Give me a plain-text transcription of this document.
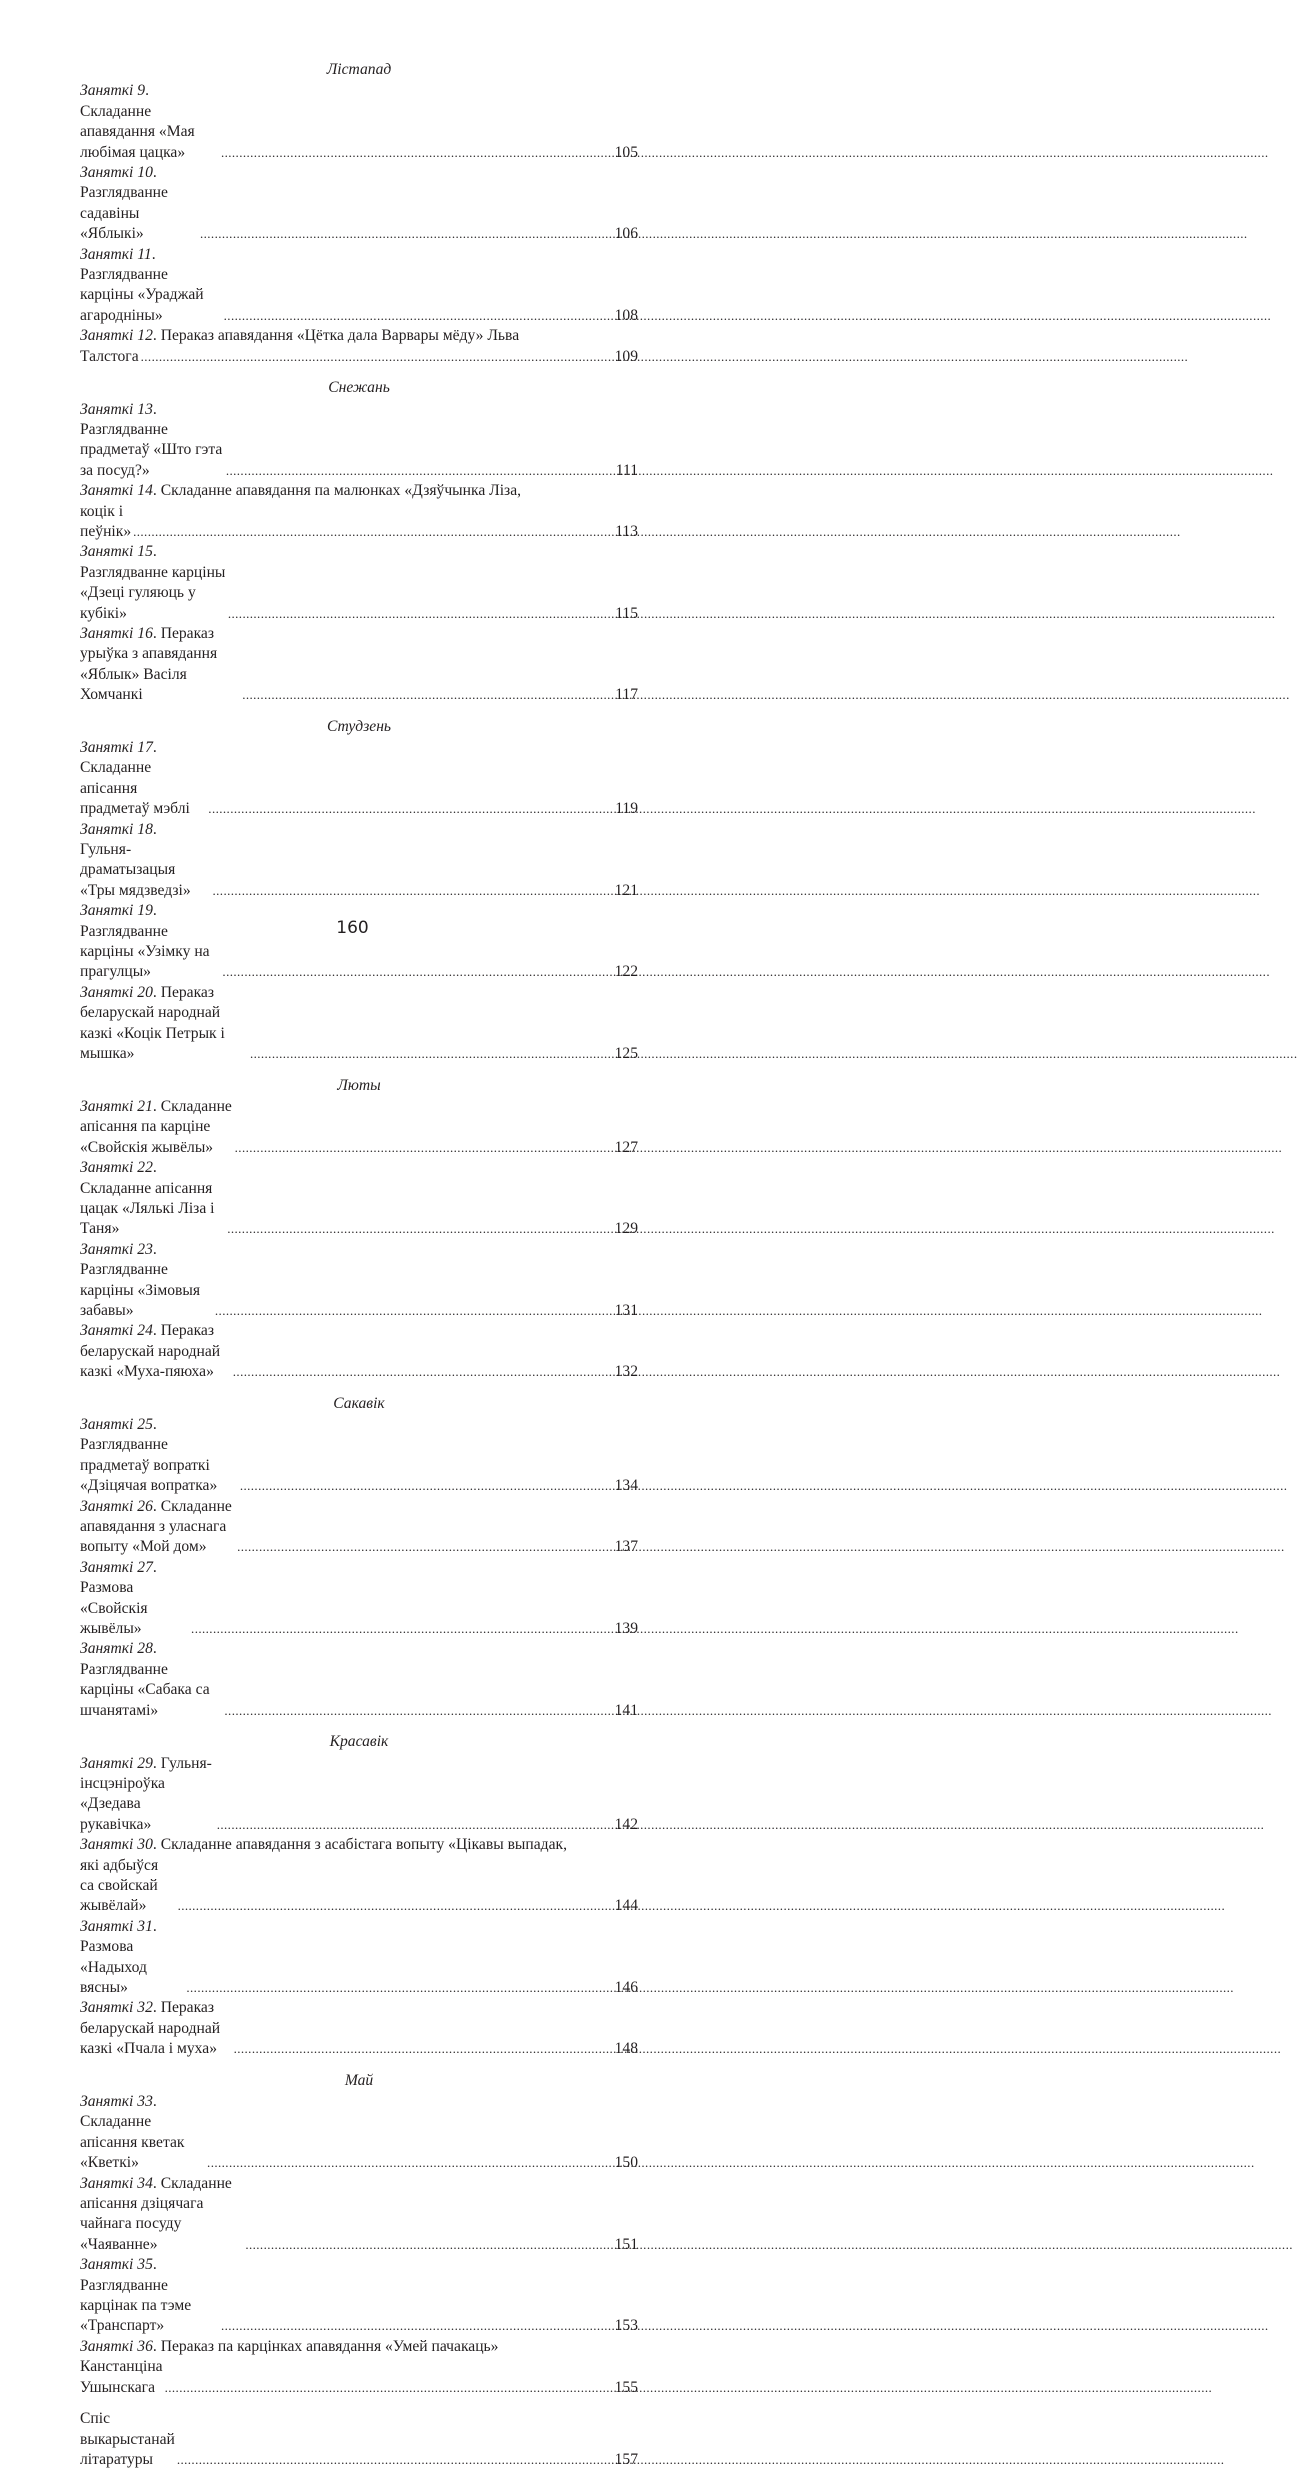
Лістапад
Заняткі 9. Складанне апавядання «Мая любімая цацка» .....	105
Заняткі 10. Разглядванне садавіны «Яблыкі» .....	106
Заняткі 11. Разглядванне карціны «Ураджай агародніны» .....	108
Заняткі 12. Пераказ апавядання «Цётка дала Варвары мёду» Льва
Талстога .....	109
Снежань
Заняткі 13. Разглядванне прадметаў «Што гэта за посуд?» .....	111
Заняткі 14. Складанне апавядання па малюнках «Дзяўчынка Ліза,
коцік і пеўнік» .....	113
Заняткі 15. Разглядванне карціны «Дзеці гуляюць у кубікі» .....	115
Заняткі 16. Пераказ урыўка з апавядання «Яблык» Васіля Хомчанкі .....	117
Студзень
Заняткі 17. Складанне апісання прадметаў мэблі .....	119
Заняткі 18. Гульня-драматызацыя «Тры мядзведзі» .....	121
Заняткі 19. Разглядванне карціны «Узімку на прагулцы» .....	122
Заняткі 20. Пераказ беларускай народнай казкі «Коцік Петрык і мышка» .....	125
Люты
Заняткі 21. Складанне апісання па карціне «Свойскія жывёлы» .....	127
Заняткі 22. Складанне апісання цацак «Лялькі Ліза і Таня» .....	129
Заняткі 23. Разглядванне карціны «Зімовыя забавы» .....	131
Заняткі 24. Пераказ беларускай народнай казкі «Муха-пяюха» .....	132
Сакавік
Заняткі 25. Разглядванне прадметаў вопраткі «Дзіцячая вопратка» .....	134
Заняткі 26. Складанне апавядання з уласнага вопыту «Мой дом» .....	137
Заняткі 27. Размова «Свойскія жывёлы» .....	139
Заняткі 28. Разглядванне карціны «Сабака са шчанятамі» .....	141
Красавік
Заняткі 29. Гульня-інсцэніроўка «Дзедава рукавічка» .....	142
Заняткі 30. Складанне апавядання з асабістага вопыту «Цікавы выпадак,
які адбыўся са свойскай жывёлай» .....	144
Заняткі 31. Размова «Надыход вясны» .....	146
Заняткі 32. Пераказ беларускай народнай казкі «Пчала і муха» .....	148
Май
Заняткі 33. Складанне апісання кветак «Кветкі» .....	150
Заняткі 34. Складанне апісання дзіцячага чайнага посуду «Чаяванне» .....	151
Заняткі 35. Разглядванне карцінак па тэме «Транспарт» .....	153
Заняткі 36. Пераказ па карцінках апавядання «Умей пачакаць»
Канстанціна Ушынскага .....	155
Спіс выкарыстанай літаратуры .....	157
160
